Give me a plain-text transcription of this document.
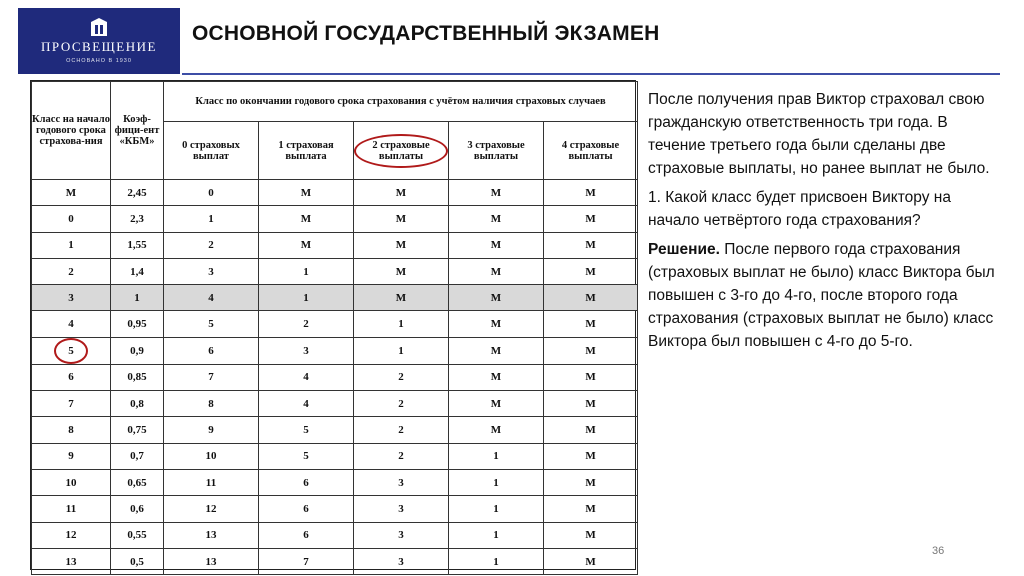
ПРОСВЕЩЕНИЕ
ОСНОВАНО В 1930
ОСНОВНОЙ ГОСУДАРСТВЕННЫЙ ЭКЗАМЕН
Класс на начало годового срока страхова-ния	Коэф-фици-ент «КБМ»	Класс по окончании годового срока страхования с учётом наличия страховых случаев				
		0 страховых выплат	1 страховая выплата	2 страховые выплаты	3 страховые выплаты	4 страховые выплаты
М	2,45	0	М	М	М	М
0	2,3	1	М	М	М	М
1	1,55	2	М	М	М	М
2	1,4	3	1	М	М	М
3	1	4	1	М	М	М
4	0,95	5	2	1	М	М
5	0,9	6	3	1	М	М
6	0,85	7	4	2	М	М
7	0,8	8	4	2	М	М
8	0,75	9	5	2	М	М
9	0,7	10	5	2	1	М
10	0,65	11	6	3	1	М
11	0,6	12	6	3	1	М
12	0,55	13	6	3	1	М
13	0,5	13	7	3	1	М

После получения прав Виктор страховал свою гражданскую ответственность три года. В течение третьего года были сделаны две страховые выплаты, но ранее выплат не было.

1. Какой класс будет присвоен Виктору на начало четвёртого года страхования?

Решение. После первого года страхования (страховых выплат не было) класс Виктора был повышен с 3-го до 4-го, после второго года страхования (страховых выплат не было) класс Виктора был повышен с 4-го до 5-го.

36
